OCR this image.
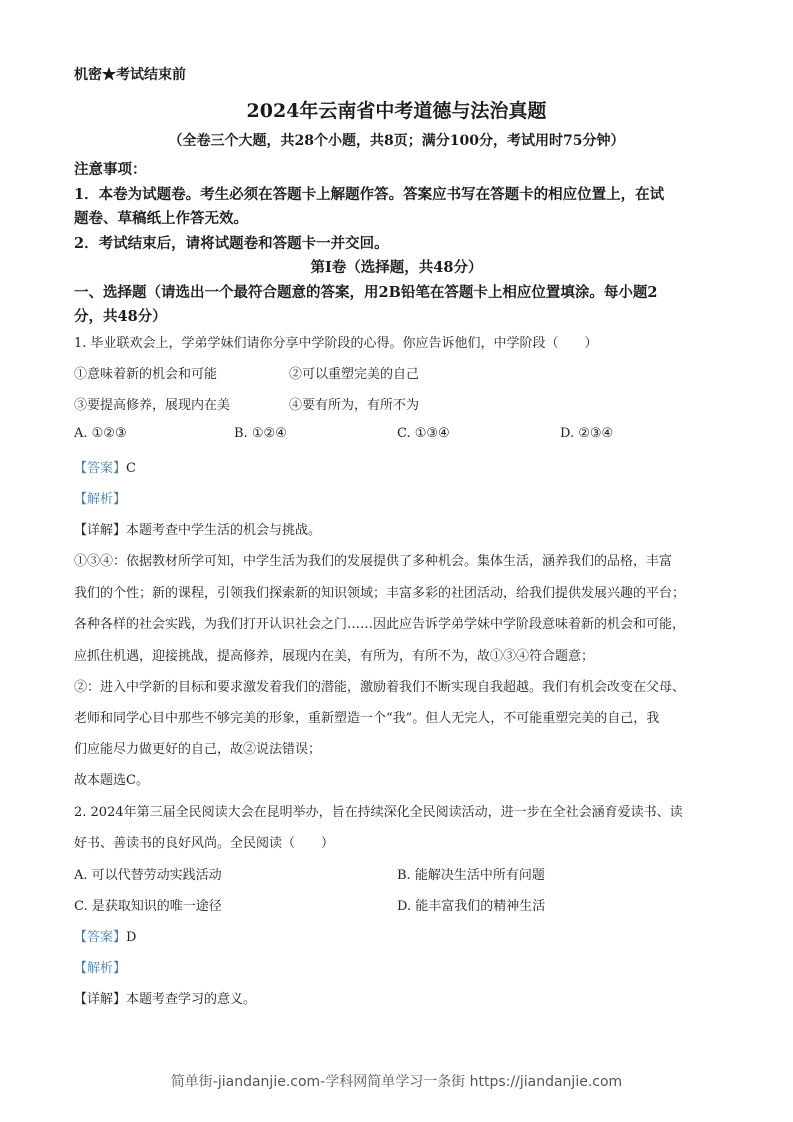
机密★考试结束前
2024年云南省中考道德与法治真题
（全卷三个大题，共28个小题，共8页；满分100分，考试用时75分钟）
注意事项：
1．本卷为试题卷。考生必须在答题卡上解题作答。答案应书写在答题卡的相应位置上，在试
题卷、草稿纸上作答无效。
2．考试结束后，请将试题卷和答题卡一并交回。
第Ⅰ卷（选择题，共48分）
一、选择题（请选出一个最符合题意的答案，用2B铅笔在答题卡上相应位置填涂。每小题2
分，共48分）
1. 毕业联欢会上，学弟学妹们请你分享中学阶段的心得。你应告诉他们，中学阶段（　　）
①意味着新的机会和可能	②可以重塑完美的自己
③要提高修养，展现内在美	④要有所为，有所不为
A. ①②③	B. ①②④	C. ①③④	D. ②③④
【答案】C
【解析】
【详解】本题考查中学生活的机会与挑战。
①③④：依据教材所学可知，中学生活为我们的发展提供了多种机会。集体生活，涵养我们的品格，丰富
我们的个性；新的课程，引领我们探索新的知识领域；丰富多彩的社团活动，给我们提供发展兴趣的平台；
各种各样的社会实践，为我们打开认识社会之门……因此应告诉学弟学妹中学阶段意味着新的机会和可能，
应抓住机遇，迎接挑战，提高修养，展现内在美，有所为，有所不为，故①③④符合题意；
②：进入中学新的目标和要求激发着我们的潜能，激励着我们不断实现自我超越。我们有机会改变在父母、
老师和同学心目中那些不够完美的形象，重新塑造一个“我”。但人无完人，不可能重塑完美的自己，我
们应能尽力做更好的自己，故②说法错误；
故本题选C。
2. 2024年第三届全民阅读大会在昆明举办，旨在持续深化全民阅读活动，进一步在全社会涵育爱读书、读
好书、善读书的良好风尚。全民阅读（　　）
A. 可以代替劳动实践活动	B. 能解决生活中所有问题
C. 是获取知识的唯一途径	D. 能丰富我们的精神生活
【答案】D
【解析】
【详解】本题考查学习的意义。
简单街-jiandanjie.com-学科网简单学习一条街 https://jiandanjie.com
